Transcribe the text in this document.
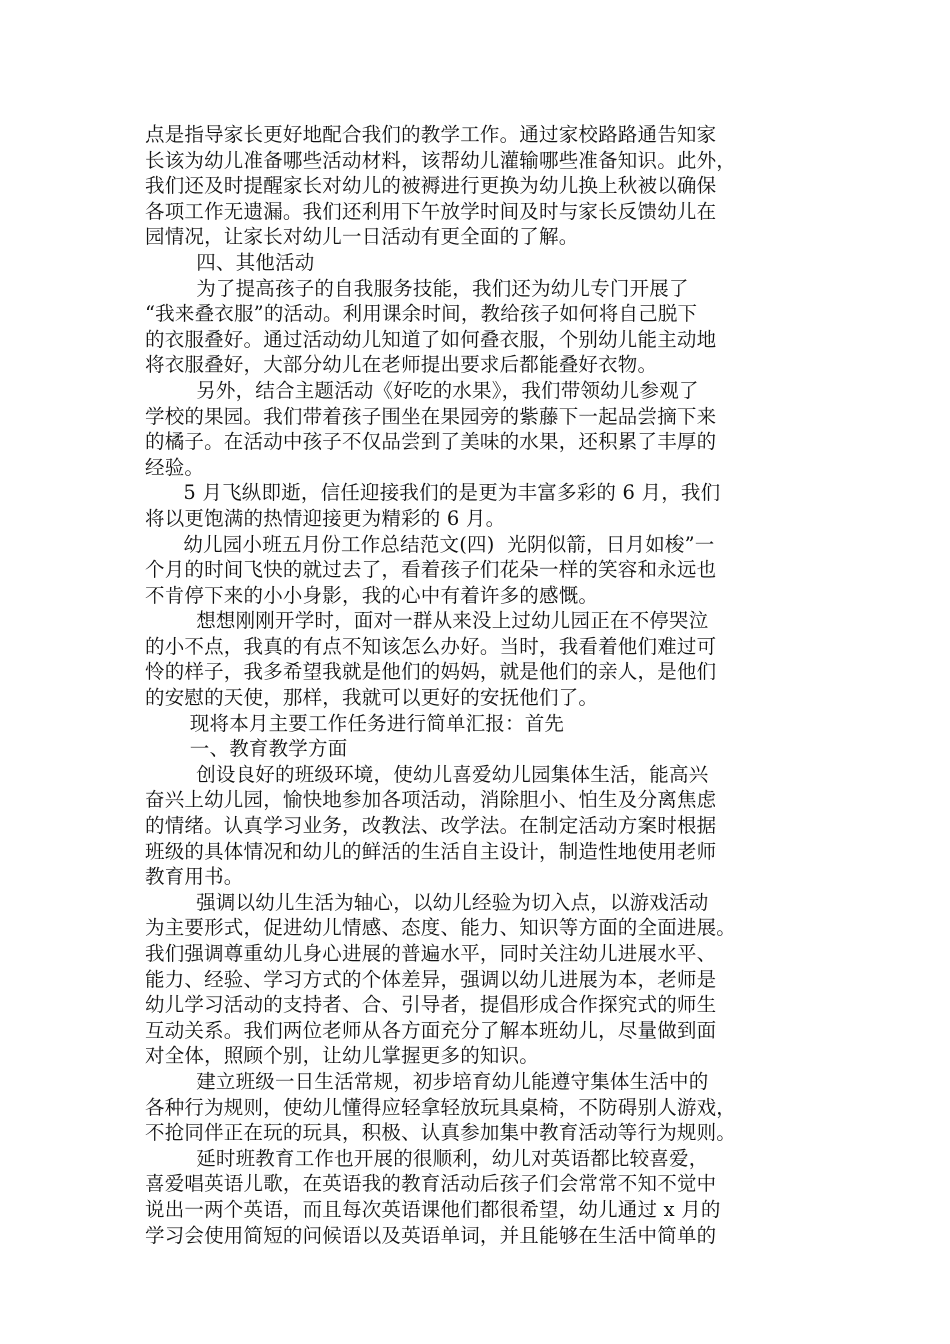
点是指导家长更好地配合我们的教学工作。通过家校路路通告知家
长该为幼儿准备哪些活动材料，该帮幼儿灌输哪些准备知识。此外，
我们还及时提醒家长对幼儿的被褥进行更换为幼儿换上秋被以确保
各项工作无遗漏。我们还利用下午放学时间及时与家长反馈幼儿在
园情况，让家长对幼儿一日活动有更全面的了解。
四、其他活动
为了提高孩子的自我服务技能，我们还为幼儿专门开展了
“我来叠衣服”的活动。利用课余时间，教给孩子如何将自己脱下
的衣服叠好。通过活动幼儿知道了如何叠衣服，个别幼儿能主动地
将衣服叠好，大部分幼儿在老师提出要求后都能叠好衣物。
另外，结合主题活动《好吃的水果》，我们带领幼儿参观了
学校的果园。我们带着孩子围坐在果园旁的紫藤下一起品尝摘下来
的橘子。在活动中孩子不仅品尝到了美味的水果，还积累了丰厚的
经验。
5 月飞纵即逝，信任迎接我们的是更为丰富多彩的 6 月，我们
将以更饱满的热情迎接更为精彩的 6 月。
幼儿园小班五月份工作总结范文(四)  光阴似箭，日月如梭”一
个月的时间飞快的就过去了，看着孩子们花朵一样的笑容和永远也
不肯停下来的小小身影，我的心中有着许多的感慨。
想想刚刚开学时，面对一群从来没上过幼儿园正在不停哭泣
的小不点，我真的有点不知该怎么办好。当时，我看着他们难过可
怜的样子，我多希望我就是他们的妈妈，就是他们的亲人，是他们
的安慰的天使，那样，我就可以更好的安抚他们了。
现将本月主要工作任务进行简单汇报：首先
一、教育教学方面
创设良好的班级环境，使幼儿喜爱幼儿园集体生活，能高兴
奋兴上幼儿园，愉快地参加各项活动，消除胆小、怕生及分离焦虑
的情绪。认真学习业务，改教法、改学法。在制定活动方案时根据
班级的具体情况和幼儿的鲜活的生活自主设计，制造性地使用老师
教育用书。
强调以幼儿生活为轴心，以幼儿经验为切入点，以游戏活动
为主要形式，促进幼儿情感、态度、能力、知识等方面的全面进展。
我们强调尊重幼儿身心进展的普遍水平，同时关注幼儿进展水平、
能力、经验、学习方式的个体差异，强调以幼儿进展为本，老师是
幼儿学习活动的支持者、合、引导者，提倡形成合作探究式的师生
互动关系。我们两位老师从各方面充分了解本班幼儿，尽量做到面
对全体，照顾个别，让幼儿掌握更多的知识。
建立班级一日生活常规，初步培育幼儿能遵守集体生活中的
各种行为规则，使幼儿懂得应轻拿轻放玩具桌椅，不防碍别人游戏，
不抢同伴正在玩的玩具，积极、认真参加集中教育活动等行为规则。
延时班教育工作也开展的很顺利，幼儿对英语都比较喜爱，
喜爱唱英语儿歌，在英语我的教育活动后孩子们会常常不知不觉中
说出一两个英语，而且每次英语课他们都很希望，幼儿通过 x 月的
学习会使用简短的问候语以及英语单词，并且能够在生活中简单的
